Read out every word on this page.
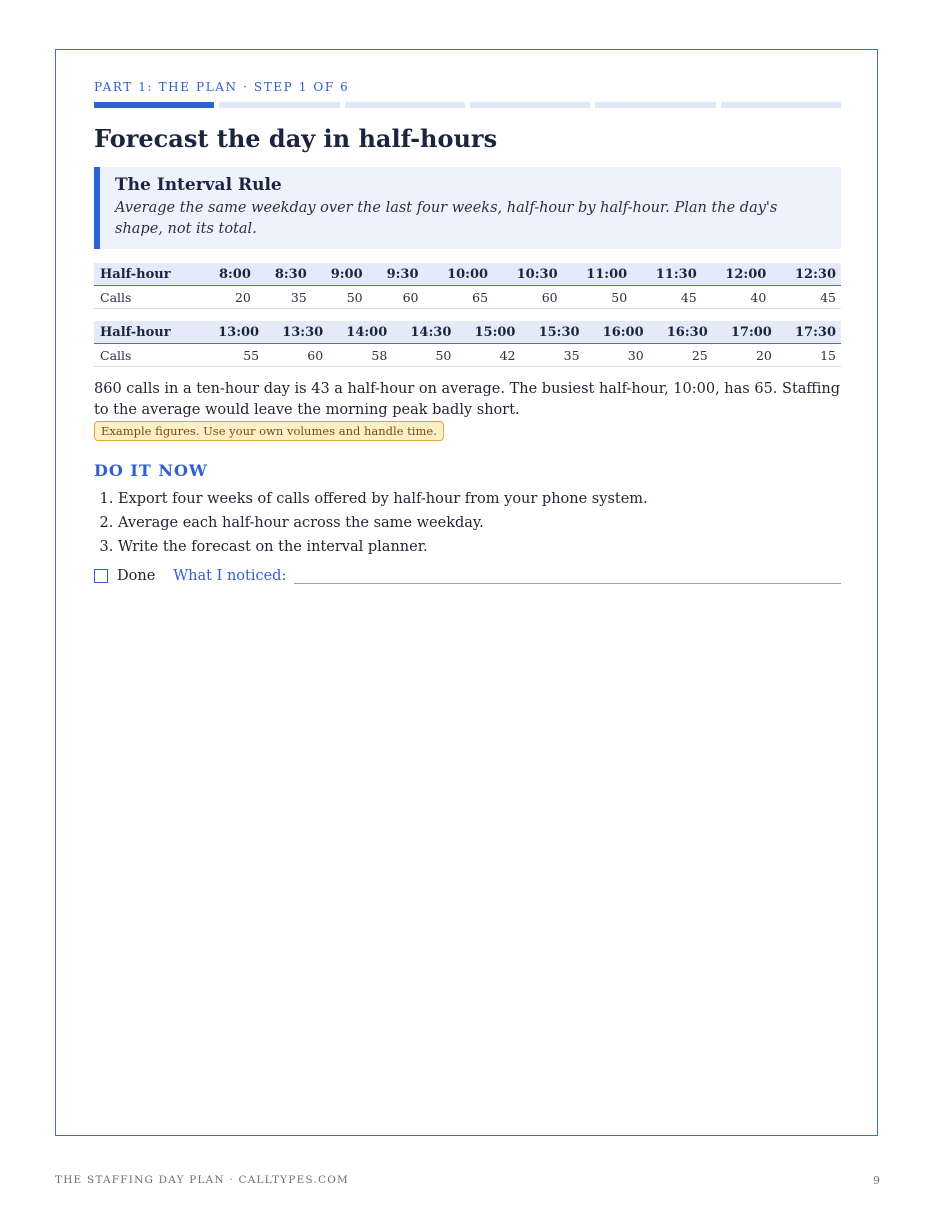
PART 1: THE PLAN · STEP 1 OF 6
Forecast the day in half-hours
The Interval Rule
Average the same weekday over the last four weeks, half-hour by half-hour. Plan the day's shape, not its total.
Half-hour	8:00	8:30	9:00	9:30	10:00	10:30	11:00	11:30	12:00	12:30
Calls	20	35	50	60	65	60	50	45	40	45
Half-hour	13:00	13:30	14:00	14:30	15:00	15:30	16:00	16:30	17:00	17:30
Calls	55	60	58	50	42	35	30	25	20	15

860 calls in a ten-hour day is 43 a half-hour on average. The busiest half-hour, 10:00, has 65. Staffing to the average would leave the morning peak badly short. Example figures. Use your own volumes and handle time.

DO IT NOW
1. Export four weeks of calls offered by half-hour from your phone system.
2. Average each half-hour across the same weekday.
3. Write the forecast on the interval planner.
Done What I noticed:
THE STAFFING DAY PLAN · CALLTYPES.COM	9
